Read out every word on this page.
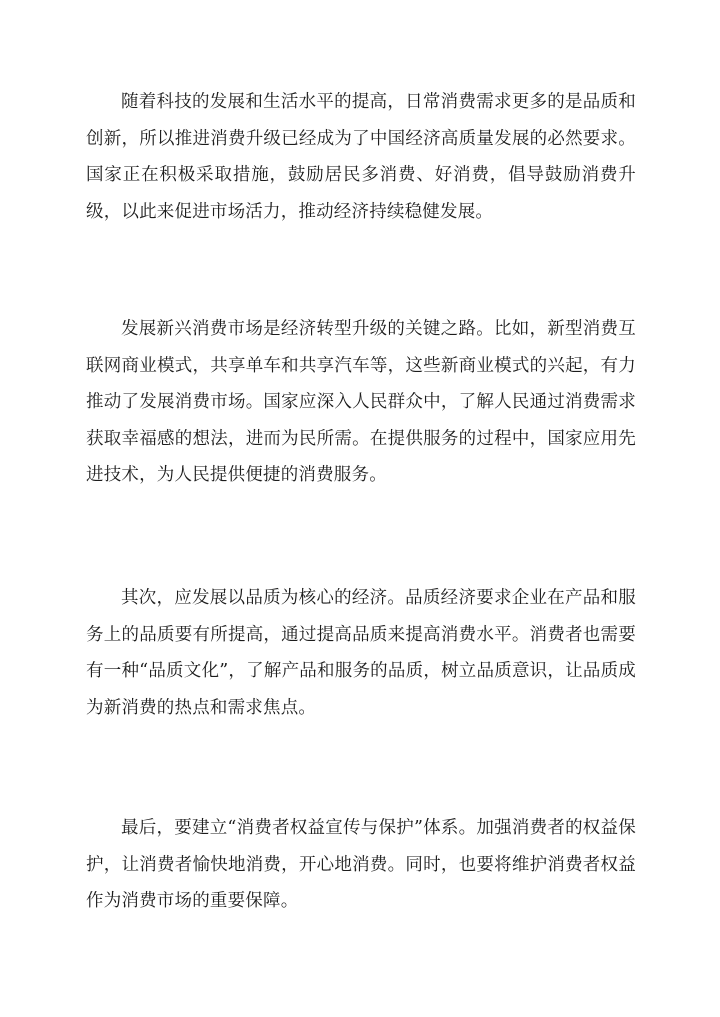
随着科技的发展和生活水平的提高，日常消费需求更多的是品质和创新，所以推进消费升级已经成为了中国经济高质量发展的必然要求。国家正在积极采取措施，鼓励居民多消费、好消费，倡导鼓励消费升级，以此来促进市场活力，推动经济持续稳健发展。

发展新兴消费市场是经济转型升级的关键之路。比如，新型消费互联网商业模式，共享单车和共享汽车等，这些新商业模式的兴起，有力推动了发展消费市场。国家应深入人民群众中，了解人民通过消费需求获取幸福感的想法，进而为民所需。在提供服务的过程中，国家应用先进技术，为人民提供便捷的消费服务。

其次，应发展以品质为核心的经济。品质经济要求企业在产品和服务上的品质要有所提高，通过提高品质来提高消费水平。消费者也需要有一种“品质文化”，了解产品和服务的品质，树立品质意识，让品质成为新消费的热点和需求焦点。

最后，要建立“消费者权益宣传与保护”体系。加强消费者的权益保护，让消费者愉快地消费，开心地消费。同时，也要将维护消费者权益作为消费市场的重要保障。
